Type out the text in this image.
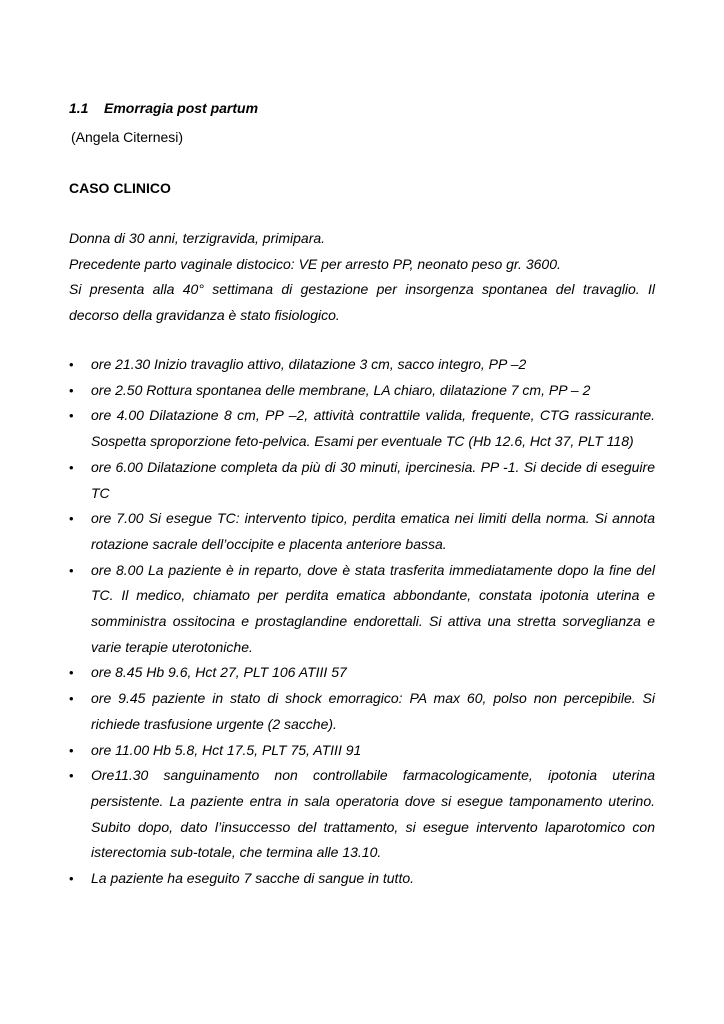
1.1 Emorragia post partum
(Angela Citernesi)
CASO CLINICO

Donna di 30 anni, terzigravida, primipara.

Precedente parto vaginale distocico: VE per arresto PP, neonato peso gr. 3600.

Si presenta alla 40° settimana di gestazione per insorgenza spontanea del travaglio. Il decorso della gravidanza è stato fisiologico.

• ore 21.30 Inizio travaglio attivo, dilatazione 3 cm, sacco integro, PP –2
• ore 2.50 Rottura spontanea delle membrane, LA chiaro, dilatazione 7 cm, PP – 2
• ore 4.00 Dilatazione 8 cm, PP –2, attività contrattile valida, frequente, CTG rassicurante. Sospetta sproporzione feto-pelvica. Esami per eventuale TC (Hb 12.6, Hct 37, PLT 118)
• ore 6.00 Dilatazione completa da più di 30 minuti, ipercinesia. PP -1. Si decide di eseguire TC
• ore 7.00 Si esegue TC: intervento tipico, perdita ematica nei limiti della norma. Si annota rotazione sacrale dell’occipite e placenta anteriore bassa.
• ore 8.00 La paziente è in reparto, dove è stata trasferita immediatamente dopo la fine del TC. Il medico, chiamato per perdita ematica abbondante, constata ipotonia uterina e somministra ossitocina e prostaglandine endorettali. Si attiva una stretta sorveglianza e varie terapie uterotoniche.
• ore 8.45 Hb 9.6, Hct 27, PLT 106 ATIII 57
• ore 9.45 paziente in stato di shock emorragico: PA max 60, polso non percepibile. Si richiede trasfusione urgente (2 sacche).
• ore 11.00 Hb 5.8, Hct 17.5, PLT 75, ATIII 91
• Ore11.30 sanguinamento non controllabile farmacologicamente, ipotonia uterina persistente. La paziente entra in sala operatoria dove si esegue tamponamento uterino. Subito dopo, dato l’insuccesso del trattamento, si esegue intervento laparotomico con isterectomia sub-totale, che termina alle 13.10.
• La paziente ha eseguito 7 sacche di sangue in tutto.
